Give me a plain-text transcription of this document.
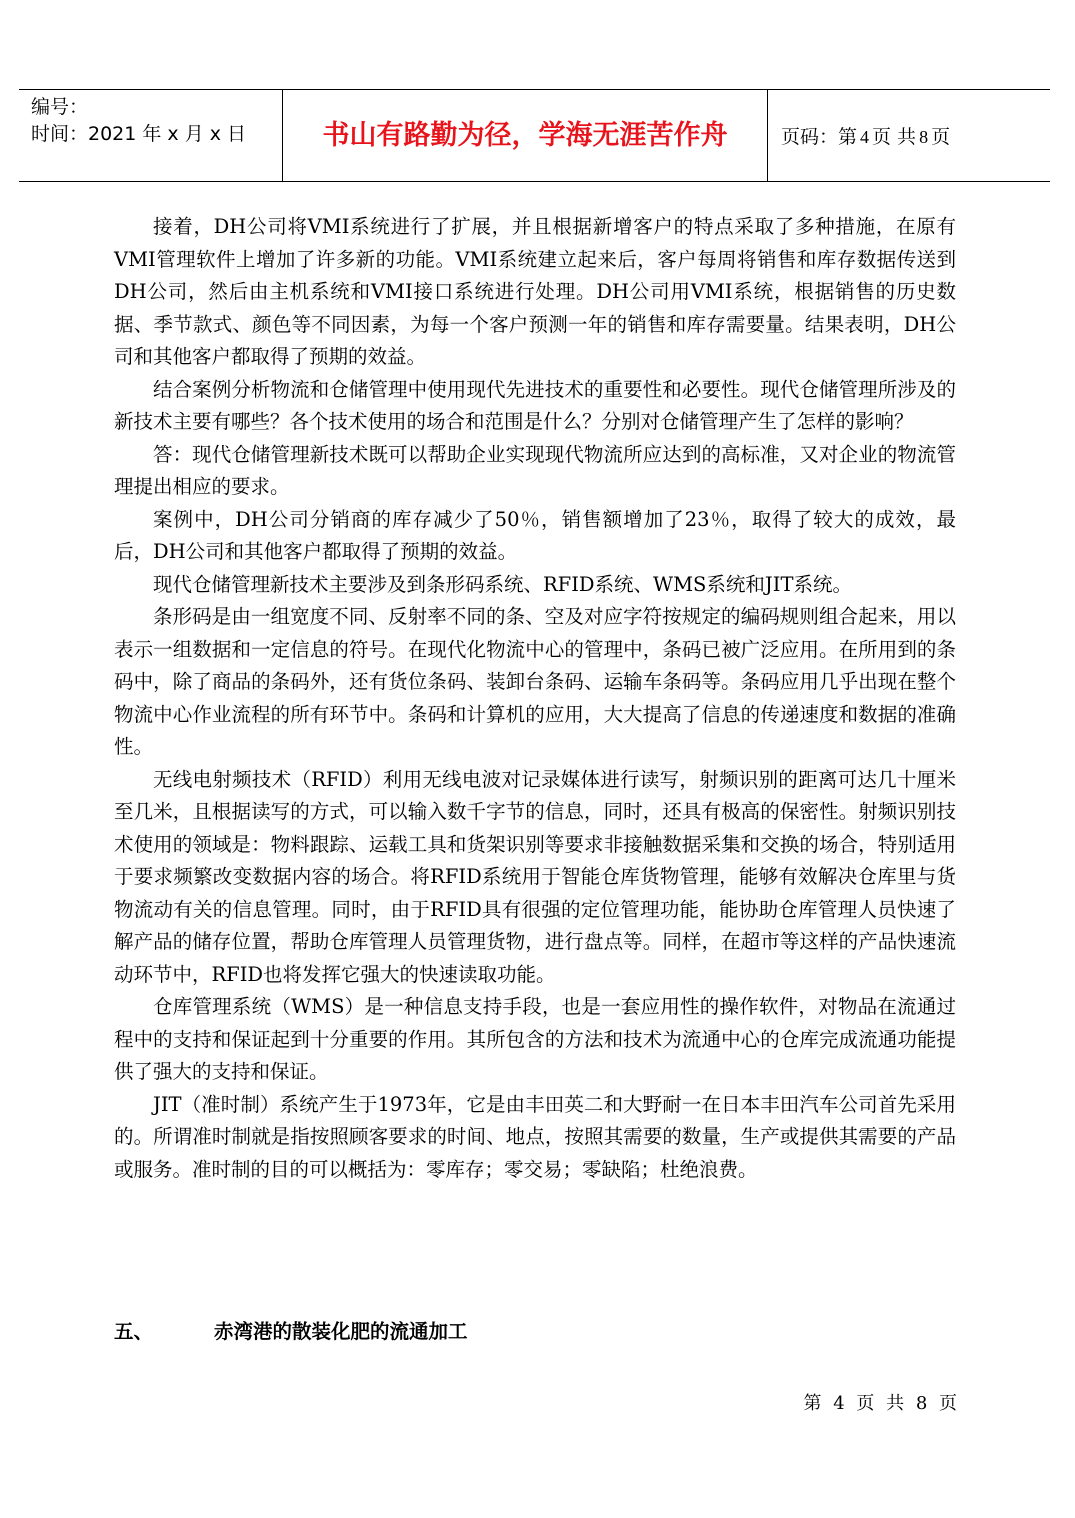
编号：
时间：2021 年 x 月 x 日	书山有路勤为径，学海无涯苦作舟	页码：第 4 页 共 8 页

接着，DH公司将VMI系统进行了扩展，并且根据新增客户的特点采取了多种措施，在原有VMI管理软件上增加了许多新的功能。VMI系统建立起来后，客户每周将销售和库存数据传送到DH公司，然后由主机系统和VMI接口系统进行处理。DH公司用VMI系统，根据销售的历史数据、季节款式、颜色等不同因素，为每一个客户预测一年的销售和库存需要量。结果表明，DH公司和其他客户都取得了预期的效益。

结合案例分析物流和仓储管理中使用现代先进技术的重要性和必要性。现代仓储管理所涉及的新技术主要有哪些？各个技术使用的场合和范围是什么？分别对仓储管理产生了怎样的影响？

答：现代仓储管理新技术既可以帮助企业实现现代物流所应达到的高标准，又对企业的物流管理提出相应的要求。

案例中，DH公司分销商的库存减少了50％，销售额增加了23％，取得了较大的成效，最后，DH公司和其他客户都取得了预期的效益。

现代仓储管理新技术主要涉及到条形码系统、RFID系统、WMS系统和JIT系统。

条形码是由一组宽度不同、反射率不同的条、空及对应字符按规定的编码规则组合起来，用以表示一组数据和一定信息的符号。在现代化物流中心的管理中，条码已被广泛应用。在所用到的条码中，除了商品的条码外，还有货位条码、装卸台条码、运输车条码等。条码应用几乎出现在整个物流中心作业流程的所有环节中。条码和计算机的应用，大大提高了信息的传递速度和数据的准确性。

无线电射频技术（RFID）利用无线电波对记录媒体进行读写，射频识别的距离可达几十厘米至几米，且根据读写的方式，可以输入数千字节的信息，同时，还具有极高的保密性。射频识别技术使用的领域是：物料跟踪、运载工具和货架识别等要求非接触数据采集和交换的场合，特别适用于要求频繁改变数据内容的场合。将RFID系统用于智能仓库货物管理，能够有效解决仓库里与货物流动有关的信息管理。同时，由于RFID具有很强的定位管理功能，能协助仓库管理人员快速了解产品的储存位置，帮助仓库管理人员管理货物，进行盘点等。同样，在超市等这样的产品快速流动环节中，RFID也将发挥它强大的快速读取功能。

仓库管理系统（WMS）是一种信息支持手段，也是一套应用性的操作软件，对物品在流通过程中的支持和保证起到十分重要的作用。其所包含的方法和技术为流通中心的仓库完成流通功能提供了强大的支持和保证。

JIT（准时制）系统产生于1973年，它是由丰田英二和大野耐一在日本丰田汽车公司首先采用的。所谓准时制就是指按照顾客要求的时间、地点，按照其需要的数量，生产或提供其需要的产品或服务。准时制的目的可以概括为：零库存；零交易；零缺陷；杜绝浪费。

五、	赤湾港的散装化肥的流通加工
第 4 页 共 8 页
